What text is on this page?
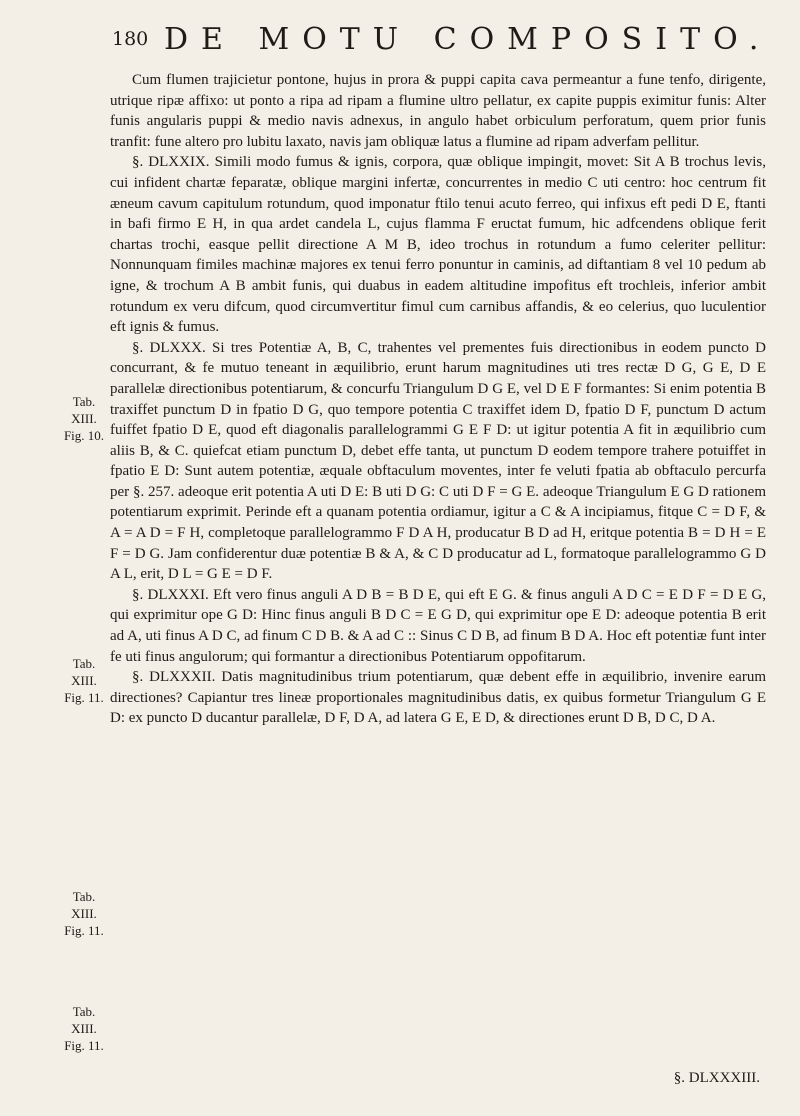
180 DE MOTU COMPOSITO.
Tab.
XIII.
Fig. 10.
Tab.
XIII.
Fig. 11.
Tab.
XIII.
Fig. 11.
Tab.
XIII.
Fig. 11.

Cum flumen trajicietur pontone, hujus in prora & puppi capita cava permeantur a fune tenfo, dirigente, utrique ripæ affixo: ut ponto a ripa ad ripam a flumine ultro pellatur, ex capite puppis eximitur funis: Alter funis angularis puppi & medio navis adnexus, in angulo habet orbiculum perforatum, quem prior funis tranfit: fune altero pro lubitu laxato, navis jam obliquæ latus a flumine ad ripam adverfam pellitur.

§. DLXXIX. Simili modo fumus & ignis, corpora, quæ oblique impingit, movet: Sit A B trochus levis, cui infident chartæ feparatæ, oblique margini infertæ, concurrentes in medio C uti centro: hoc centrum fit æneum cavum capitulum rotundum, quod imponatur ftilo tenui acuto ferreo, qui infixus eft pedi D E, ftanti in bafi firmo E H, in qua ardet candela L, cujus flamma F eructat fumum, hic adfcendens oblique ferit chartas trochi, easque pellit directione A M B, ideo trochus in rotundum a fumo celeriter pellitur: Nonnunquam fimiles machinæ majores ex tenui ferro ponuntur in caminis, ad diftantiam 8 vel 10 pedum ab igne, & trochum A B ambit funis, qui duabus in eadem altitudine impofitus eft trochleis, inferior ambit rotundum ex veru difcum, quod circumvertitur fimul cum carnibus affandis, & eo celerius, quo luculentior eft ignis & fumus.

§. DLXXX. Si tres Potentiæ A, B, C, trahentes vel prementes fuis directionibus in eodem puncto D concurrant, & fe mutuo teneant in æquilibrio, erunt harum magnitudines uti tres rectæ D G, G E, D E parallelæ directionibus potentiarum, & concurfu Triangulum D G E, vel D E F formantes: Si enim potentia B traxiffet punctum D in fpatio D G, quo tempore potentia C traxiffet idem D, fpatio D F, punctum D actum fuiffet fpatio D E, quod eft diagonalis parallelogrammi G E F D: ut igitur potentia A fit in æquilibrio cum aliis B, & C. quiefcat etiam punctum D, debet effe tanta, ut punctum D eodem tempore trahere potuiffet in fpatio E D: Sunt autem potentiæ, æquale obftaculum moventes, inter fe veluti fpatia ab obftaculo percurfa per §. 257. adeoque erit potentia A uti D E: B uti D G: C uti D F = G E. adeoque Triangulum E G D rationem potentiarum exprimit. Perinde eft a quanam potentia ordiamur, igitur a C & A incipiamus, fitque C = D F, & A = A D = F H, completoque parallelogrammo F D A H, producatur B D ad H, eritque potentia B = D H = E F = D G. Jam confiderentur duæ potentiæ B & A, & C D producatur ad L, formatoque parallelogrammo G D A L, erit, D L = G E = D F.

§. DLXXXI. Eft vero finus anguli A D B = B D E, qui eft E G. & finus anguli A D C = E D F = D E G, qui exprimitur ope G D: Hinc finus anguli B D C = E G D, qui exprimitur ope E D: adeoque potentia B erit ad A, uti finus A D C, ad finum C D B. & A ad C :: Sinus C D B, ad finum B D A. Hoc eft potentiæ funt inter fe uti finus angulorum; qui formantur a directionibus Potentiarum oppofitarum.

§. DLXXXII. Datis magnitudinibus trium potentiarum, quæ debent effe in æquilibrio, invenire earum directiones? Capiantur tres lineæ proportionales magnitudinibus datis, ex quibus formetur Triangulum G E D: ex puncto D ducantur parallelæ, D F, D A, ad latera G E, E D, & directiones erunt D B, D C, D A.

§. DLXXXIII.
